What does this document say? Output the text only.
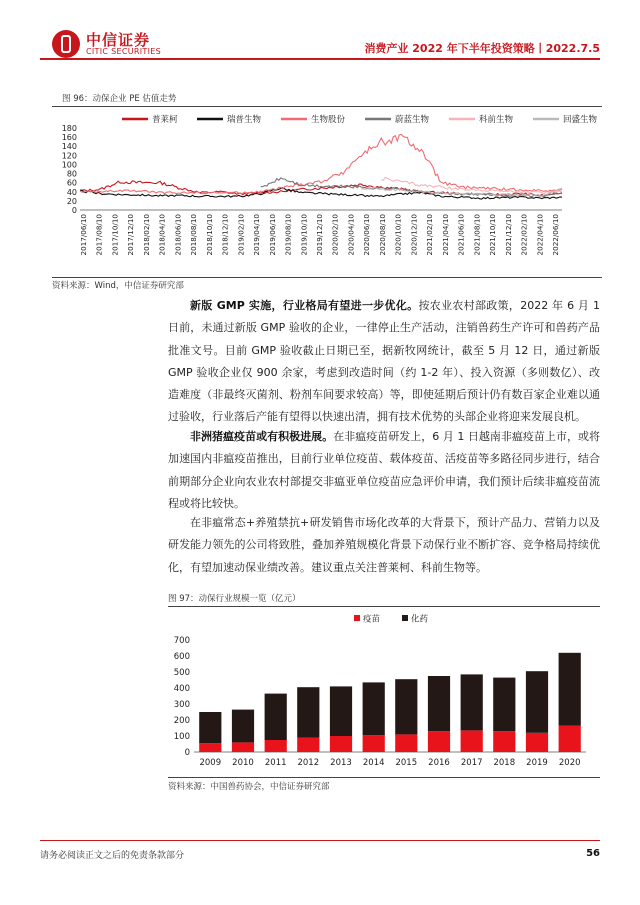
中信证券
CITIC SECURITIES	消费产业 2022 年下半年投资策略丨2022.7.5
图 96：动保企业 PE 估值走势
普莱柯	瑞普生物	生物股份	蔚蓝生物	科前生物	回盛生物
0
20
40
60
80
100
120
140
160
180
2017/06/10 2017/08/10 2017/10/10 2017/12/10 2018/02/10 2018/04/10 2018/06/10 2018/08/10 2018/10/10 2018/12/10 2019/02/10 2019/04/10 2019/06/10 2019/08/10 2019/10/10 2019/12/10 2020/02/10 2020/04/10 2020/06/10 2020/08/10 2020/10/10 2020/12/10 2021/02/10 2021/04/10 2021/06/10 2021/08/10 2021/10/10 2021/12/10 2022/02/10 2022/04/10 2022/06/10
资料来源：Wind，中信证券研究部
新版 GMP 实施，行业格局有望进一步优化。按农业农村部政策，2022 年 6 月 1 日前，未通过新版 GMP 验收的企业，一律停止生产活动，注销兽药生产许可和兽药产品批准文号。目前 GMP 验收截止日期已至，据新牧网统计，截至 5 月 12 日，通过新版 GMP 验收企业仅 900 余家，考虑到改造时间（约 1-2 年）、投入资源（多则数亿）、改造难度（非最终灭菌剂、粉剂车间要求较高）等，即使延期后预计仍有数百家企业难以通过验收，行业落后产能有望得以快速出清，拥有技术优势的头部企业将迎来发展良机。
非洲猪瘟疫苗或有积极进展。在非瘟疫苗研发上，6 月 1 日越南非瘟疫苗上市，或将加速国内非瘟疫苗推出，目前行业单位疫苗、载体疫苗、活疫苗等多路径同步进行，结合前期部分企业向农业农村部提交非瘟亚单位疫苗应急评价申请，我们预计后续非瘟疫苗流程或将比较快。
在非瘟常态+养殖禁抗+研发销售市场化改革的大背景下，预计产品力、营销力以及研发能力领先的公司将致胜，叠加养殖规模化背景下动保行业不断扩容、竞争格局持续优化，有望加速动保业绩改善。建议重点关注普莱柯、科前生物等。
图 97：动保行业规模一览（亿元）
疫苗	化药
0
100
200
300
400
500
600
700
2009 2010 2011 2012 2013 2014 2015 2016 2017 2018 2019 2020
资料来源：中国兽药协会，中信证券研究部
请务必阅读正文之后的免责条款部分	56
